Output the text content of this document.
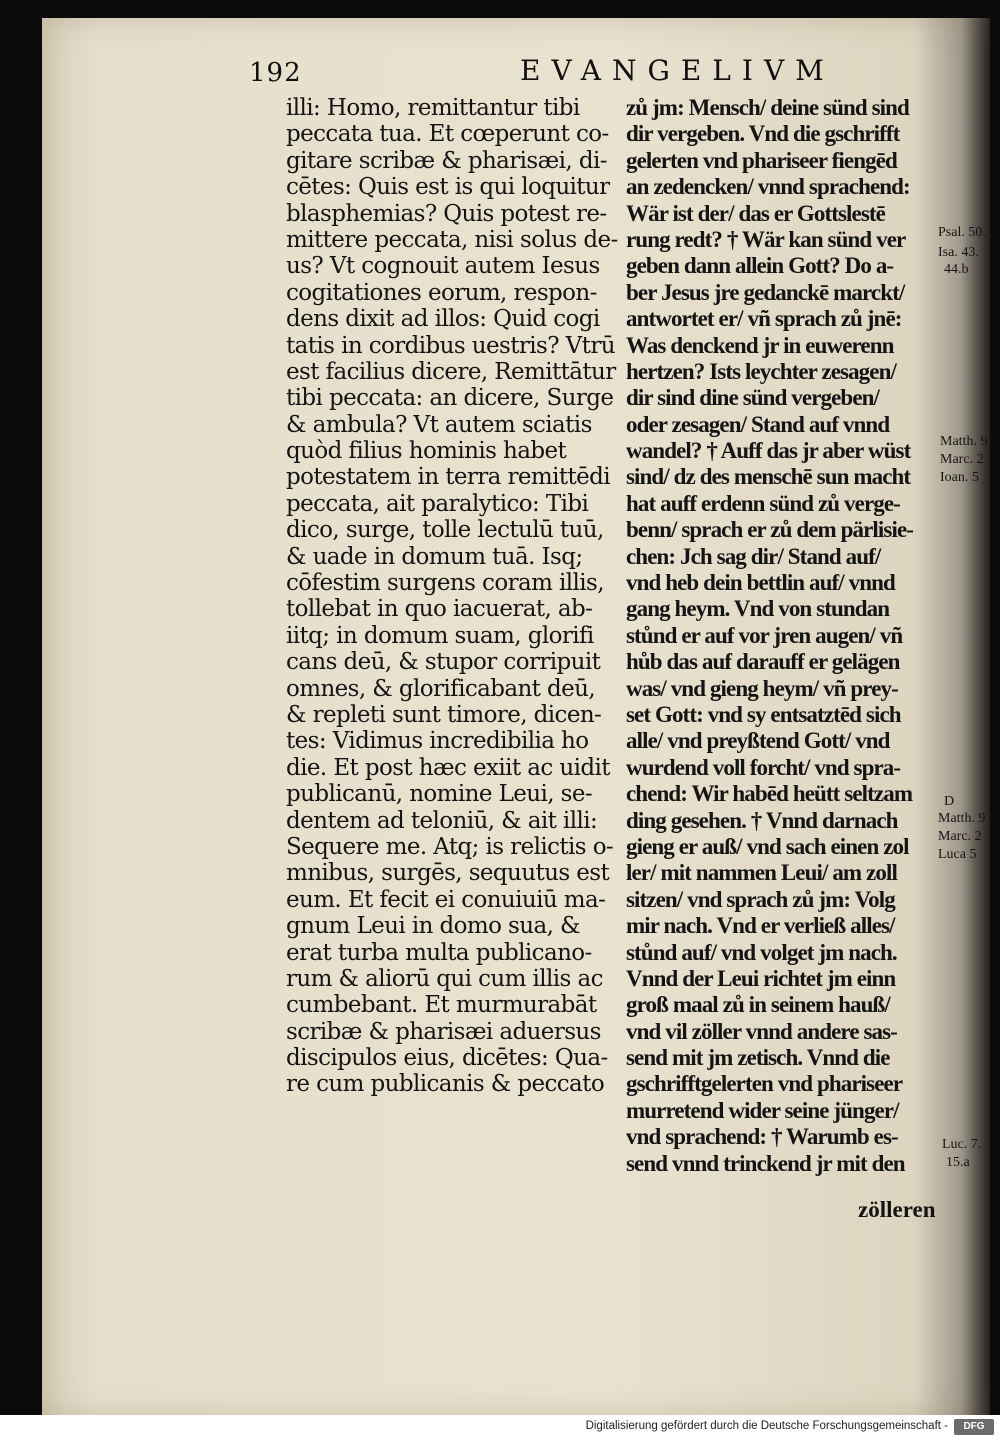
192	EVANGELIVM
illi: Homo, remittantur tibi
peccata tua. Et cœperunt co-
gitare scribæ & pharisæi, di-
cētes: Quis est is qui loquitur
blasphemias? Quis potest re-
mittere peccata, nisi solus de-
us? Vt cognouit autem Iesus
cogitationes eorum, respon-
dens dixit ad illos: Quid cogi
tatis in cordibus uestris? Vtrū
est facilius dicere, Remittātur
tibi peccata: an dicere, Surge
& ambula? Vt autem sciatis
quòd filius hominis habet
potestatem in terra remittēdi
peccata, ait paralytico: Tibi
dico, surge, tolle lectulū tuū,
& uade in domum tuā. Isq;
cōfestim surgens coram illis,
tollebat in quo iacuerat, ab-
iitq; in domum suam, glorifi
cans deū, & stupor corripuit
omnes, & glorificabant deū,
& repleti sunt timore, dicen-
tes: Vidimus incredibilia ho
die. Et post hæc exiit ac uidit
publicanū, nomine Leui, se-
dentem ad teloniū, & ait illi:
Sequere me. Atq; is relictis o-
mnibus, surgēs, sequutus est
eum. Et fecit ei conuiuiū ma-
gnum Leui in domo sua, &
erat turba multa publicano-
rum & aliorū qui cum illis ac
cumbebant. Et murmurabāt
scribæ & pharisæi aduersus
discipulos eius, dicētes: Qua-
re cum publicanis & peccato
zů jm: Mensch/ deine sünd sind
dir vergeben. Vnd die gschrifft
gelerten vnd phariseer fiengēd
an zedencken/ vnnd sprachend:
Wär ist der/ das er Gottslestē
rung redt? † Wär kan sünd ver
geben dann allein Gott? Do a-
ber Jesus jre gedanckē marckt/
antwortet er/ vñ sprach zů jnē:
Was denckend jr in euwerenn
hertzen? Ists leychter zesagen/
dir sind dine sünd vergeben/
oder zesagen/ Stand auf vnnd
wandel? † Auff das jr aber wüst
sind/ dz des menschē sun macht
hat auff erdenn sünd zů verge-
benn/ sprach er zů dem pärlisie-
chen: Jch sag dir/ Stand auf/
vnd heb dein bettlin auf/ vnnd
gang heym. Vnd von stundan
stůnd er auf vor jren augen/ vñ
hůb das auf darauff er gelägen
was/ vnd gieng heym/ vñ prey-
set Gott: vnd sy entsatztēd sich
alle/ vnd preyßtend Gott/ vnd
wurdend voll forcht/ vnd spra-
chend: Wir habēd heütt seltzam
ding gesehen. † Vnnd darnach
gieng er auß/ vnd sach einen zol
ler/ mit nammen Leui/ am zoll
sitzen/ vnd sprach zů jm: Volg
mir nach. Vnd er verließ alles/
stůnd auf/ vnd volget jm nach.
Vnnd der Leui richtet jm einn
groß maal zů in seinem hauß/
vnd vil zöller vnnd andere sas-
send mit jm zetisch. Vnnd die
gschrifftgelerten vnd phariseer
murretend wider seine jünger/
vnd sprachend: † Warumb es-
send vnnd trinckend jr mit den
Psal. 50.
Isa. 43.
44.b
Matth. 9
Marc. 2
Ioan. 5
D
Matth. 9
Marc. 2
Luca 5
Luc. 7.
15.a
zölleren
Digitalisierung gefördert durch die Deutsche Forschungsgemeinschaft -	DFG
